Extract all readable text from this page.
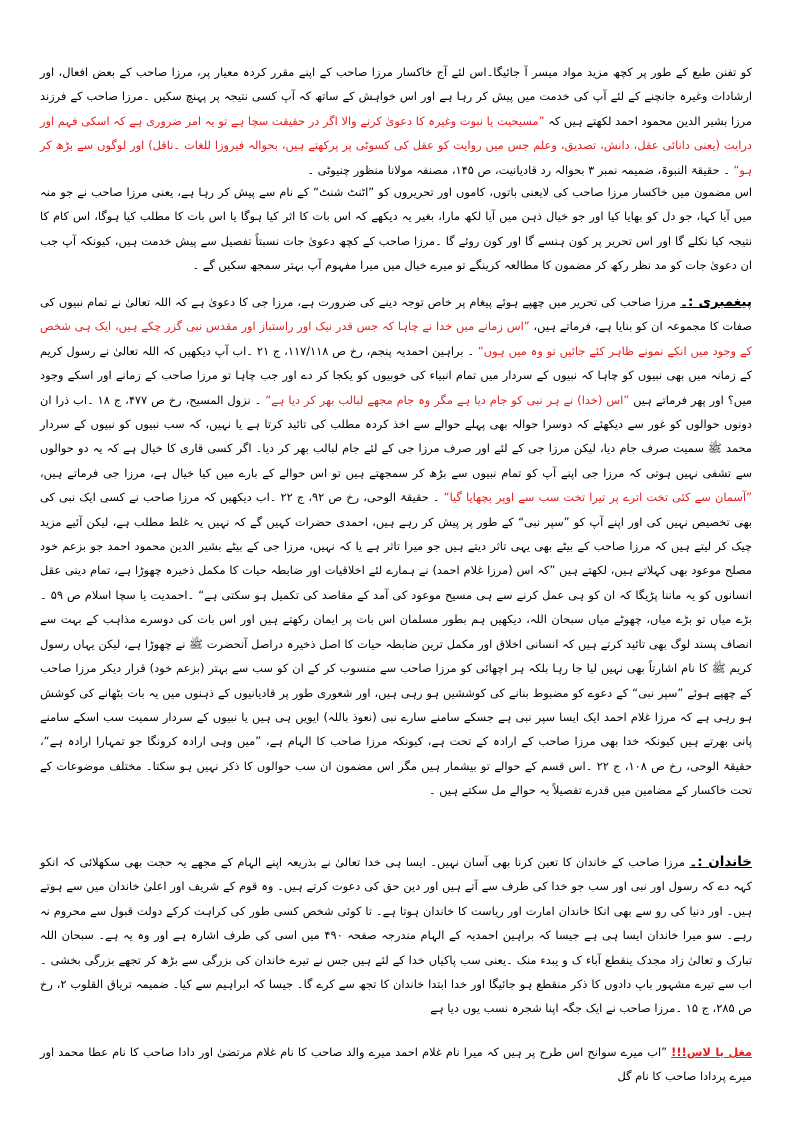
کو تفنن طبع کے طور پر کچھ مزید مواد میسر آ جائیگا۔اس لئے آج خاکسار مرزا صاحب کے اپنے مقرر کردہ معیار پر، مرزا صاحب کے بعض افعال، اور ارشادات وغیرہ جانچنے کے لئے آپ کی خدمت میں پیش کر رہا ہے اور اس خواہش کے ساتھ کہ آپ کسی نتیجہ پر پہنچ سکیں ۔مرزا صاحب کے فرزند مرزا بشیر الدین محمود احمد لکھتے ہیں کہ ”مسیحیت یا نبوت وغیرہ کا دعویٰ کرنے والا اگر در حقیقت سچا ہے تو یہ امر ضروری ہے کہ اسکی فہم اور درایت (یعنی دانائی عقل، دانش، تصدیق، وعلم جس میں روایت کو عقل کی کسوٹی پر پرکھتے ہیں، بحوالہ فیروزا للغات ۔ناقل) اور لوگوں سے بڑھ کر ہو“ ۔ حقیقۃ النبوۃ، ضمیمہ نمبر ۳ بحوالہ رد قادیانیت، ص ۱۴۵، مصنفہ مولانا منظور چنیوٹی ۔

اس مضمون میں خاکسار مرزا صاحب کی لایعنی باتوں، کاموں اور تحریروں کو ”اٹنٹ شنٹ“ کے نام سے پیش کر رہا ہے، یعنی مرزا صاحب نے جو منہ میں آیا کہا، جو دل کو بھایا کیا اور جو خیال ذہن میں آیا لکھ مارا، بغیر یہ دیکھے کہ اس بات کا اثر کیا ہوگا یا اس بات کا مطلب کیا ہوگا، اس کام کا نتیجہ کیا نکلے گا اور اس تحریر پر کون ہنسے گا اور کون روئے گا ۔مرزا صاحب کے کچھ دعویٰ جات نسبتاً تفصیل سے پیش خدمت ہیں، کیونکہ آپ جب ان دعویٰ جات کو مد نظر رکھ کر مضمون کا مطالعہ کرینگے تو میرے خیال میں میرا مفہوم آپ بہتر سمجھ سکیں گے ۔

پیغمبری :۔ مرزا صاحب کی تحریر میں چھپے ہوئے پیغام پر خاص توجہ دینے کی ضرورت ہے، مرزا جی کا دعویٰ ہے کہ اللہ تعالیٰ نے تمام نبیوں کی صفات کا مجموعہ ان کو بنایا ہے، فرماتے ہیں، ”اس زمانے میں خدا نے چاہا کہ جس قدر نیک اور راستباز اور مقدس نبی گزر چکے ہیں، ایک ہی شخص کے وجود میں انکے نمونے ظاہر کئے جائیں تو وہ میں ہوں“ ۔ براہین احمدیہ پنجم، رخ ص ۱۱۷/۱۱۸، ج ۲۱ ۔اب آپ دیکھیں کہ اللہ تعالیٰ نے رسول کریم کے زمانہ میں بھی نبیوں کو چاہا کہ نبیوں کے سردار میں تمام انبیاء کی خوبیوں کو یکجا کر دے اور جب چاہا تو مرزا صاحب کے زمانے اور اسکے وجود میں؟ اور پھر فرماتے ہیں ”اس (خدا) نے ہر نبی کو جام دیا ہے مگر وہ جام مجھے لبالب بھر کر دیا ہے“ ۔ نزول المسیح، رخ ص ۴۷۷، ج ۱۸ ۔اب ذرا ان دونوں حوالوں کو غور سے دیکھئے کہ دوسرا حوالہ بھی پہلے حوالے سے اخذ کردہ مطلب کی تائید کرتا ہے یا نہیں، کہ سب نبیوں کو نبیوں کے سردار محمد ﷺ سمیت صرف جام دیا، لیکن مرزا جی کے لئے اور صرف مرزا جی کے لئے جام لبالب بھر کر دیا۔ اگر کسی قاری کا خیال ہے کہ یہ دو حوالوں سے تشفی نہیں ہوتی کہ مرزا جی اپنے آپ کو تمام نبیوں سے بڑھ کر سمجھتے ہیں تو اس حوالے کے بارے میں کیا خیال ہے، مرزا جی فرماتے ہیں، ”آسمان سے کئی تخت اترے پر تیرا تخت سب سے اوپر بچھایا گیا“ ۔ حقیقۃ الوحی، رخ ص ۹۲، ج ۲۲ ۔اب دیکھیں کہ مرزا صاحب نے کسی ایک نبی کی بھی تخصیص نہیں کی اور اپنے آپ کو ”سپر نبی“ کے طور پر پیش کر رہے ہیں، احمدی حضرات کہیں گے کہ نہیں یہ غلط مطلب ہے، لیکن آئیے مزید چیک کر لیتے ہیں کہ مرزا صاحب کے بیٹے بھی یہی تاثر دیتے ہیں جو میرا تاثر ہے یا کہ نہیں، مرزا جی کے بیٹے بشیر الدین محمود احمد جو بزعم خود مصلح موعود بھی کہلاتے ہیں، لکھتے ہیں ”کہ اس (مرزا غلام احمد) نے ہمارے لئے اخلاقیات اور ضابطہ حیات کا مکمل ذخیرہ چھوڑا ہے، تمام دینی عقل انسانوں کو یہ ماننا پڑیگا کہ ان کو ہی عمل کرنے سے ہی مسیح موعود کی آمد کے مقاصد کی تکمیل ہو سکتی ہے“ ۔احمدیت یا سچا اسلام ص ۵۹ ۔بڑے میاں تو بڑے میاں، چھوٹے میاں سبحان اللہ، دیکھیں ہم بطور مسلمان اس بات پر ایمان رکھتے ہیں اور اس بات کی دوسرے مذاہب کے بہت سے انصاف پسند لوگ بھی تائید کرتے ہیں کہ انسانی اخلاق اور مکمل ترین ضابطہ حیات کا اصل ذخیرہ دراصل آنحضرت ﷺ نے چھوڑا ہے، لیکن یہاں رسول کریم ﷺ کا نام اشارتاً بھی نہیں لیا جا رہا بلکہ ہر اچھائی کو مرزا صاحب سے منسوب کر کے ان کو سب سے بہتر (بزعم خود) قرار دیکر مرزا صاحب کے چھپے ہوئے ”سپر نبی“ کے دعوے کو مضبوط بنانے کی کوششیں ہو رہی ہیں، اور شعوری طور پر قادیانیوں کے ذہنوں میں یہ بات بٹھانے کی کوشش ہو رہی ہے کہ مرزا غلام احمد ایک ایسا سپر نبی ہے جسکے سامنے سارے نبی (نعوذ باللہ) ایویں ہی ہیں یا نبیوں کے سردار سمیت سب اسکے سامنے پانی بھرتے ہیں کیونکہ خدا بھی مرزا صاحب کے ارادہ کے تحت ہے، کیونکہ مرزا صاحب کا الہام ہے، ”میں وہی ارادہ کرونگا جو تمہارا ارادہ ہے“، حقیقۃ الوحی، رخ ص ۱۰۸، ج ۲۲ ۔اس قسم کے حوالے تو بیشمار ہیں مگر اس مضمون ان سب حوالوں کا ذکر نہیں ہو سکتا۔ مختلف موضوعات کے تحت خاکسار کے مضامین میں قدرے تفصیلاً یہ حوالے مل سکتے ہیں ۔

خاندان :۔ مرزا صاحب کے خاندان کا تعین کرنا بھی آسان نہیں۔ ایسا ہی خدا تعالیٰ نے بذریعہ اپنے الہام کے مجھے یہ حجت بھی سکھلائی کہ انکو کہہ دے کہ رسول اور نبی اور سب جو خدا کی طرف سے آتے ہیں اور دین حق کی دعوت کرتے ہیں۔ وہ قوم کے شریف اور اعلیٰ خاندان میں سے ہوتے ہیں۔ اور دنیا کی رو سے بھی انکا خاندان امارت اور ریاست کا خاندان ہوتا ہے۔ تا کوئی شخص کسی طور کی کراہت کرکے دولت قبول سے محروم نہ رہے۔ سو میرا خاندان ایسا ہی ہے جیسا کہ براہین احمدیہ کے الہام مندرجہ صفحہ ۴۹۰ میں اسی کی طرف اشارہ ہے اور وہ یہ ہے۔ سبحان اللہ تبارک و تعالیٰ زاد مجدک ینقطع آباء ک و یبدء منک ۔یعنی سب پاکیاں خدا کے لئے ہیں جس نے تیرے خاندان کی بزرگی سے بڑھ کر تجھے بزرگی بخشی ۔اب سے تیرے مشہور باپ دادوں کا ذکر منقطع ہو جائیگا اور خدا ابتدا خاندان کا تجھ سے کرے گا۔ جیسا کہ ابراہیم سے کیا۔ ضمیمہ تریاق القلوب ۲، رخ ص ۲۸۵، ج ۱۵ ۔مرزا صاحب نے ایک جگہ اپنا شجرہ نسب یوں دیا ہے

مغل یا لاس!!! ”اب میرے سوانح اس طرح پر ہیں کہ میرا نام غلام احمد میرے والد صاحب کا نام غلام مرتضیٰ اور دادا صاحب کا نام عطا محمد اور میرے پردادا صاحب کا نام گل
